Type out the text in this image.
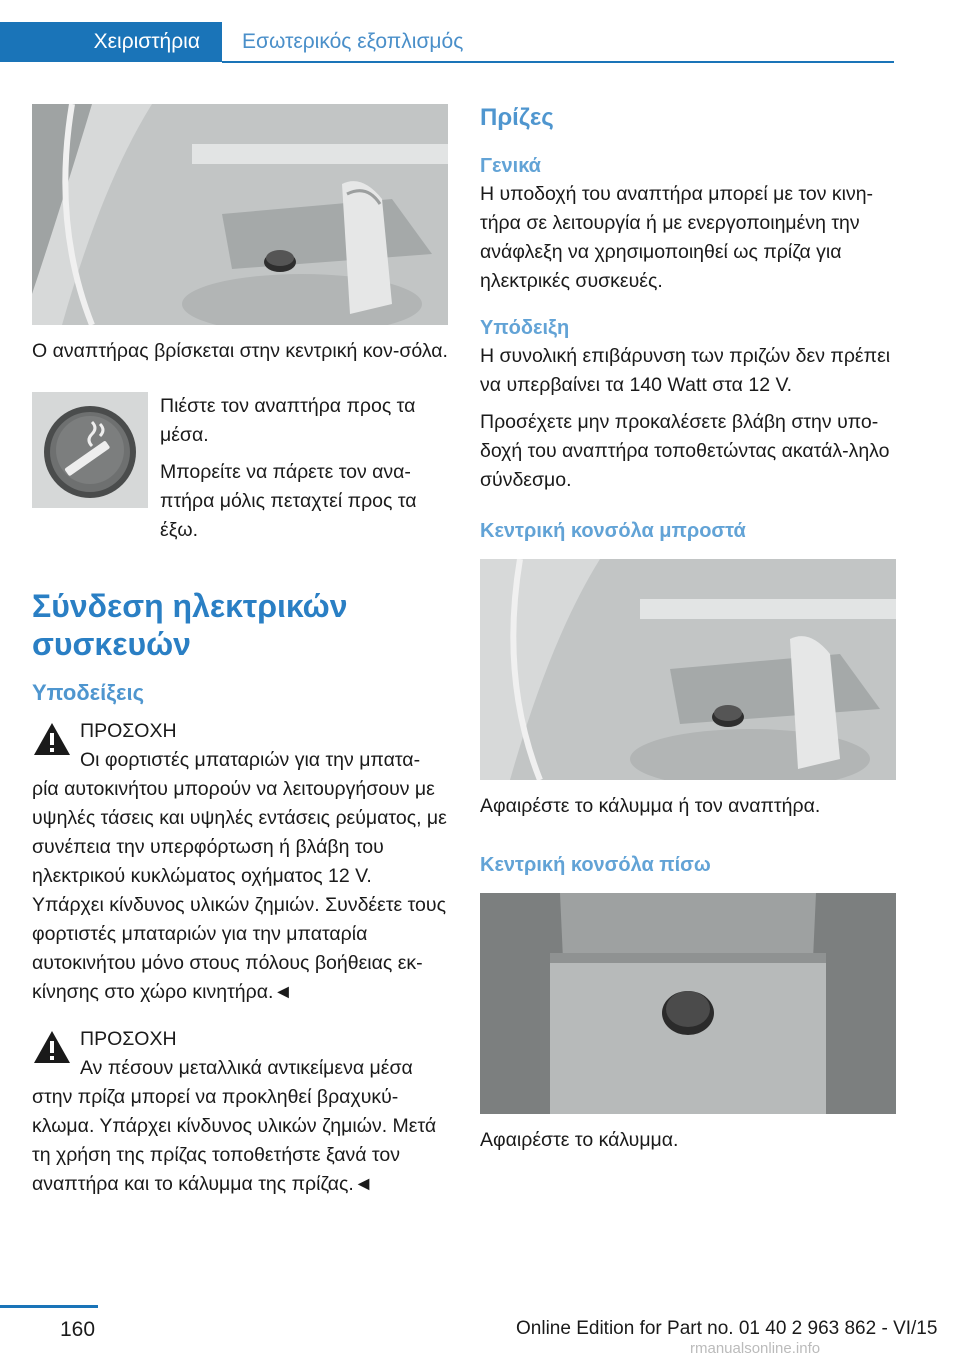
Χειριστήρια	Εσωτερικός εξοπλισμός

Ο αναπτήρας βρίσκεται στην κεντρική κον‐σόλα.

Πιέστε τον αναπτήρα προς τα μέσα.

Μπορείτε να πάρετε τον ανα‐πτήρα μόλις πεταχτεί προς τα έξω.

Σύνδεση ηλεκτρικών συσκευών
Υποδείξεις

ΠΡΟΣΟΧΗ

Οι φορτιστές μπαταριών για την μπατα‐

ρία αυτοκινήτου μπορούν να λειτουργήσουν με υψηλές τάσεις και υψηλές εντάσεις ρεύματος, με συνέπεια την υπερφόρτωση ή βλάβη του ηλεκτρικού κυκλώματος οχήματος 12 V. Υπάρχει κίνδυνος υλικών ζημιών. Συνδέετε τους φορτιστές μπαταριών για την μπαταρία αυτοκινήτου μόνο στους πόλους βοήθειας εκ‐κίνησης στο χώρο κινητήρα.◄

ΠΡΟΣΟΧΗ

Αν πέσουν μεταλλικά αντικείμενα μέσα

στην πρίζα μπορεί να προκληθεί βραχυκύ‐κλωμα. Υπάρχει κίνδυνος υλικών ζημιών. Μετά τη χρήση της πρίζας τοποθετήστε ξανά τον αναπτήρα και το κάλυμμα της πρίζας.◄

Πρίζες
Γενικά

Η υποδοχή του αναπτήρα μπορεί με τον κινη‐τήρα σε λειτουργία ή με ενεργοποιημένη την ανάφλεξη να χρησιμοποιηθεί ως πρίζα για ηλεκτρικές συσκευές.

Υπόδειξη

Η συνολική επιβάρυνση των πριζών δεν πρέπει να υπερβαίνει τα 140 Watt στα 12 V.

Προσέχετε μην προκαλέσετε βλάβη στην υπο‐δοχή του αναπτήρα τοποθετώντας ακατάλ‐ληλο σύνδεσμο.

Κεντρική κονσόλα μπροστά

Αφαιρέστε το κάλυμμα ή τον αναπτήρα.

Κεντρική κονσόλα πίσω

Αφαιρέστε το κάλυμμα.

160	Online Edition for Part no. 01 40 2 963 862 - VI/15
rmanualsonline.info
